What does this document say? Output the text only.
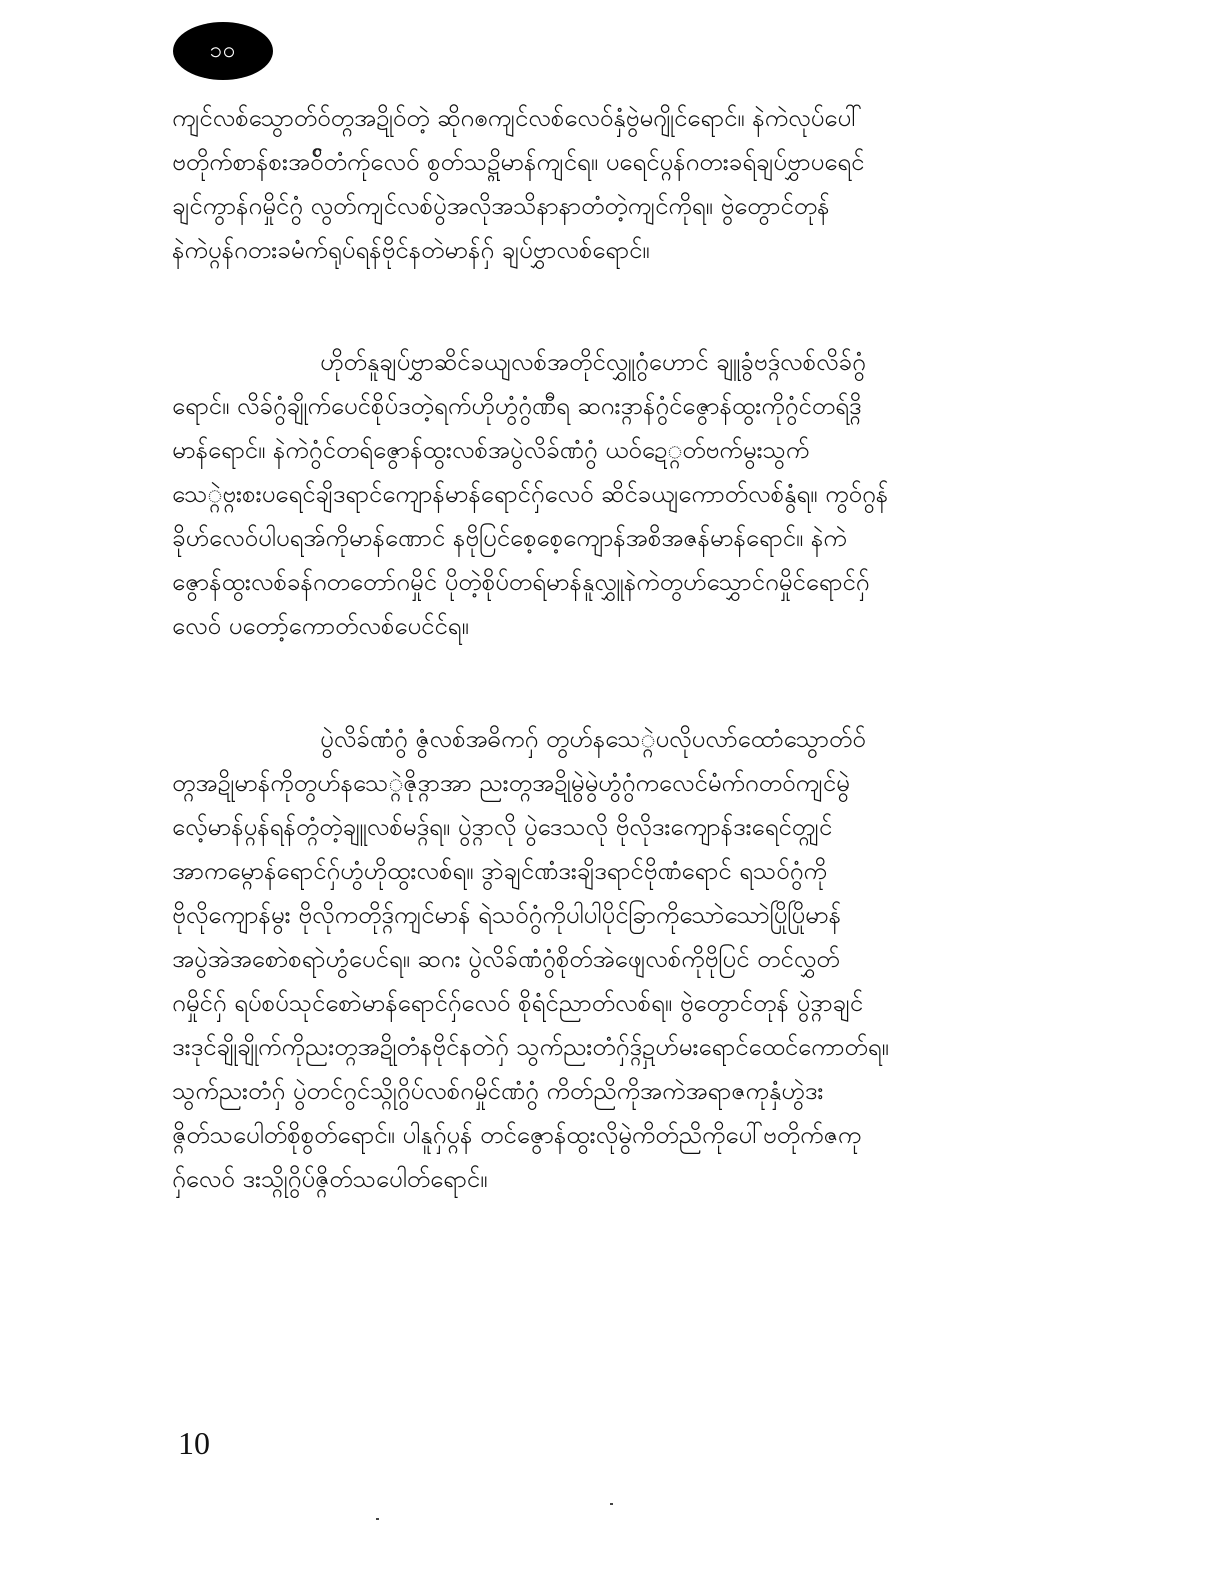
၁၀
ကျင်လစ်သွောတ်ဝ်တ္ဂအဍိုဝ်တဲ့ ဆိုဂၜကျင်လစ်လေဝ်နှံဗွဲမဂျိုင်ရောင်။ နဲကဲလုပ်ပေါ်
ဗတိုက်စာန်စးအဝ်ိတံက်ုလေဝ် စွတ်သဍ္ဂိမာန်ကျင်ရ။ ပရေင်ပ္ဂန်ဂတးခရ်ချပ်ဗွှာပရေင်
ချင်ကွာန်ဂမှိုင်ဂွံ လွတ်ကျင်လစ်ပွဲအလိုအသိနာနာတံတဲ့ကျင်ကိုရ။ ဗွဲတွောင်တုန်
နဲကဲပ္ဂန်ဂတးခမံက်ရုပ်ရန်ဗိုင်နတဲမာန်ဂှ် ချပ်ဗွှာလစ်ရောင်။
ဟိုတ်နူချပ်ဗွှာဆိင်ခယျလစ်အတိုင်လွှူဂွံဟောင် ချူခွံဗဒ္ဂ်လစ်လိခ်ဂွံ
ရောင်။ လိခ်ဂွံချိုက်ပေင်စိုပ်ဒတဲ့ရက်ဟိုဟွံဂွံဏီရ ဆဂးဒ္ဂာန်ဂွံင်ဇွောန်ထွးကိုဂွံင်တရ်ဒ္ဂိ
မာန်ရောင်။ နဲကဲဂွံင်တရ်ဇွောန်ထွးလစ်အပွဲလိခ်ဏံဂွံ ယဝ်ဍေ္ဂတ်ဗက်မွးသွက်
သေ္ဂဲဗ္ဂးစးပရေင်ချိဒရာင်ကျောန်မာန်ရောင်ဂှ်လေဝ် ဆိင်ခယျကောတ်လစ်နွံရ။ ကွဝ်ဂွန်
ခိုဟ်လေဝ်ပါပရအ်ကိုမာန်ဏောင် နဗိုပြင်စေ့စေ့ကျောန်အစိအဇန်မာန်ရောင်။ နဲကဲ
ဇွောန်ထွးလစ်ခန်ဂတတော်ဂမှိုင် ပိုတဲ့စိုပ်တရ်မာန်နူလွှူနဲကဲတွဟ်သွှောင်ဂမှိုင်ရောင်ဂှ်
လေဝ် ပတော့်ကောတ်လစ်ပေင်င်ရ။
ပွဲလိခ်ဏံဂွံ ဇွံလစ်အဓိကဂှ် တွဟ်နသေ္ဂဲပလိုပလာ်ထောံသွောတ်ဝ်
တ္ဂအဍိုမာန်ကိုတွဟ်နသေ္ဂဲဇိုဒ္ဂာအာ ညးတ္ဂအဍိုမွဲမွဲဟွံဂွံကလေင်မံက်ဂတဝ်ကျင်မွဲ
လေ့်မာန်ပ္ဂန်ရန်တ္ဂံတဲ့ချူလစ်မဒ္ဂ်ရ။ ပွဲဒ္ဂာလို ပွဲဒေသလို ဗိုလိုဒးကျောန်ဒးရေင်တ္ဂျင်
အာကမ္ဂောန်ရောင်ဂှ်ဟွံဟိုထွးလစ်ရ။ ဒွာဲချင်ဏံဒးချိဒရာင်ဗိုဏံရောင် ရသဝ်ဂွံကို
ဗိုလိုကျောန်မွး ဗိုလိုကတိုဒ္ဂ်ကျင်မာန် ရဲသဝ်ဂွံကိုပါပါပိုင်ခြာကိုသောဲသောဲပြိုပြိုမာန်
အပွဲအဲအစောဲစရာဲဟွံပေင်ရ။ ဆဂး ပွဲလိခ်ဏံဂွံစိုတ်အဲဖျေလစ်ကိုဗိုပြင် တင်လွှတ်
ဂမှိုင်ဂှ် ရပ်စပ်သုင်စောဲမာန်ရောင်ဂှ်လေဝ် စိုရံင်ညာတ်လစ်ရ။ ဗွဲတွောင်တုန် ပွဲဒ္ဂာချင်
ဒးဒုင်ချိုချိုက်ကိုညးတ္ဂအဍိုတံနဗိုင်နတဲဂှ် သွက်ညးတံဂှ်ဒ္ဂ်ဍှဟ်မးရောင်ထေင်ကောတ်ရ။
သွက်ညးတံဂှ် ပွဲတင်ဂွင်သ္ဂိုဂွိပ်လစ်ဂမှိုင်ဏံဂွံ ကိတ်ညိကိုအကဲအရာဇကုနှံဟွဲဒး
ဇ္ဂိတ်သပေါတ်စိုစွတ်ရောင်။ ပါနူဂှ်ပ္ဂန် တင်ဇွောန်ထွးလိုမွဲကိတ်ညိကိုပေါ်ဗတိုက်ဇကု
ဂှ်လေဝ် ဒးသ္ဂိုဂွိပ်ဇ္ဂိတ်သပေါတ်ရောင်။
10
